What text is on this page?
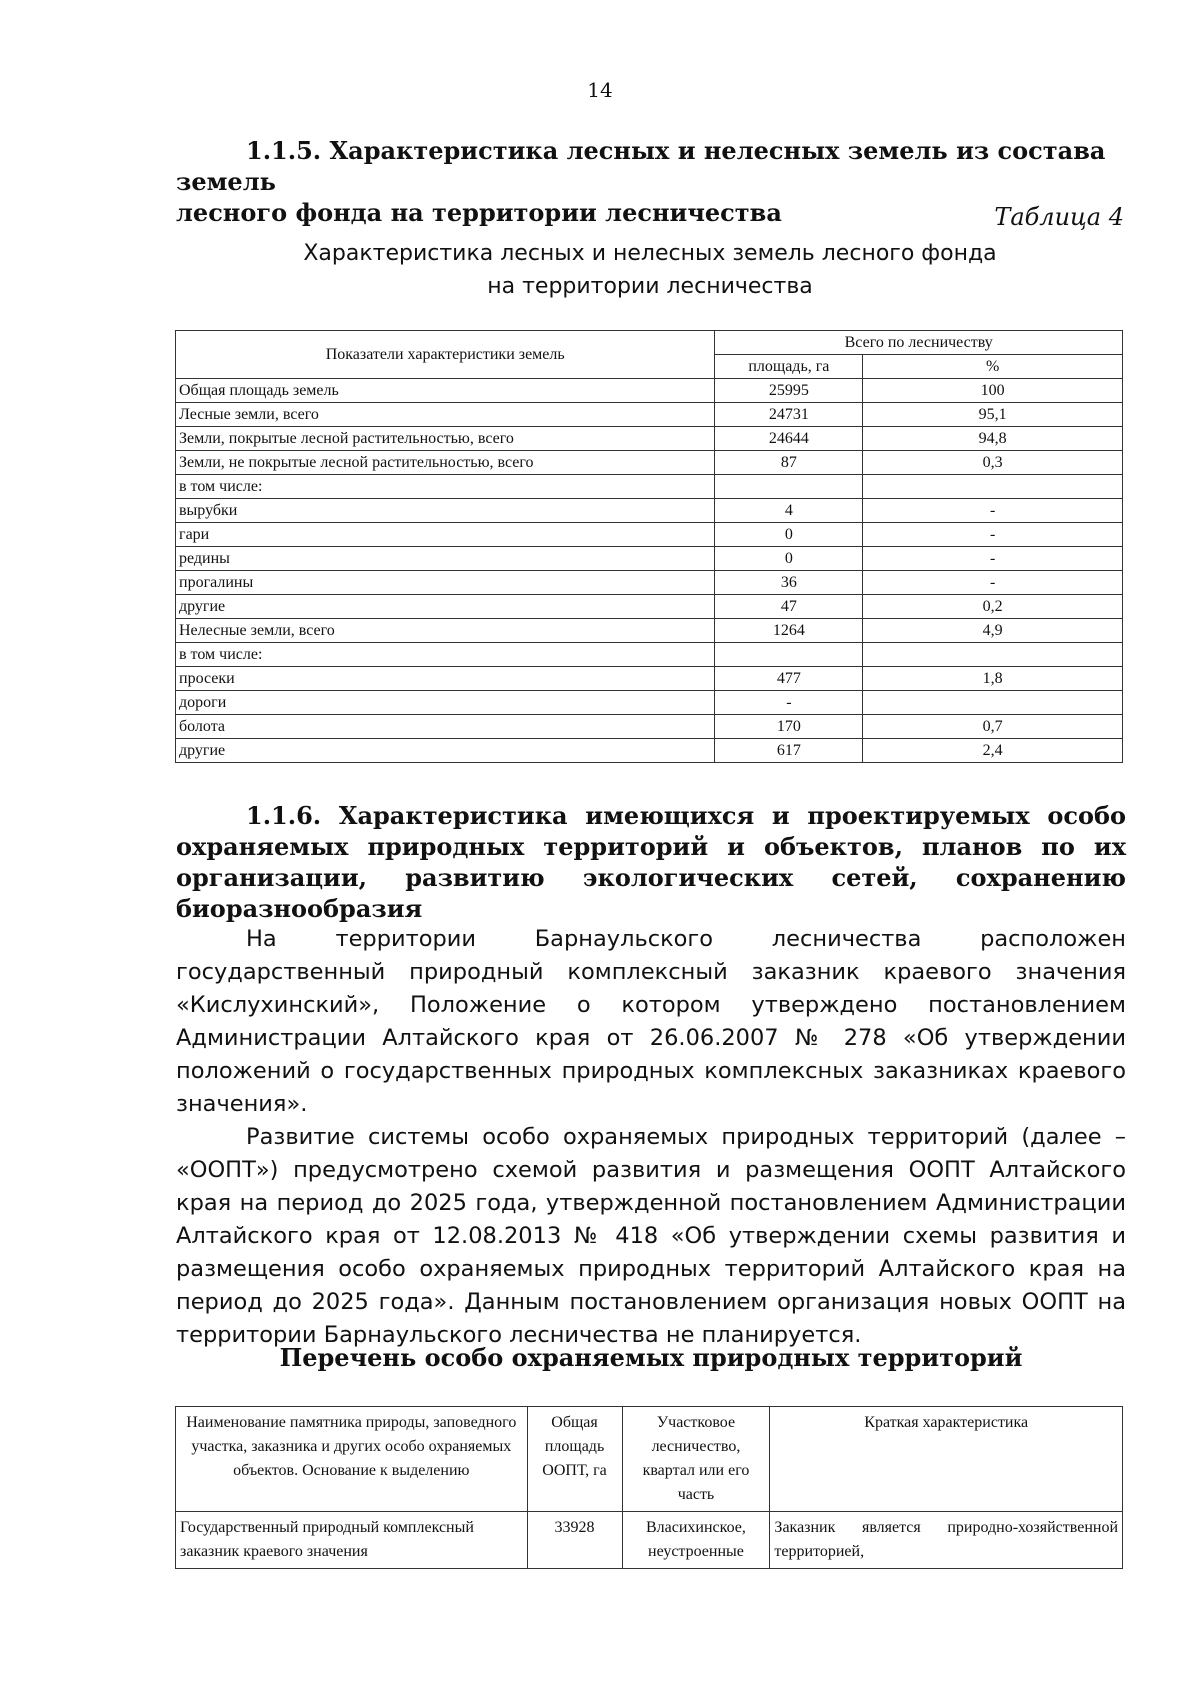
14
1.1.5. Характеристика лесных и нелесных земель из состава земель
лесного фонда на территории лесничества	Таблица 4
Характеристика лесных и нелесных земель лесного фонда
на территории лесничества
Показатели характеристики земель	Всего по лесничеству	
	площадь, га	%
Общая площадь земель	25995	100
Лесные земли, всего	24731	95,1
Земли, покрытые лесной растительностью, всего	24644	94,8
Земли, не покрытые лесной растительностью, всего	87	0,3
в том числе:		
вырубки	4	-
гари	0	-
редины	0	-
прогалины	36	-
другие	47	0,2
Нелесные земли, всего	1264	4,9
в том числе:		
просеки	477	1,8
дороги	-	
болота	170	0,7
другие	617	2,4
1.1.6. Характеристика имеющихся и проектируемых особо
охраняемых природных территорий и объектов, планов по их
организации, развитию экологических сетей, сохранению биоразнообразия

На территории Барнаульского лесничества расположен государственный природный комплексный заказник краевого значения «Кислухинский», Положение о котором утверждено постановлением Администрации Алтайского края от 26.06.2007 № 278 «Об утверждении положений о государственных природных комплексных заказниках краевого значения».

Развитие системы особо охраняемых природных территорий (далее – «ООПТ») предусмотрено схемой развития и размещения ООПТ Алтайского края на период до 2025 года, утвержденной постановлением Администрации Алтайского края от 12.08.2013 № 418 «Об утверждении схемы развития и размещения особо охраняемых природных территорий Алтайского края на период до 2025 года». Данным постановлением организация новых ООПТ на территории Барнаульского лесничества не планируется.

Перечень особо охраняемых природных территорий
Наименование памятника природы, заповедного участка, заказника и других особо охраняемых объектов. Основание к выделению	Общая площадь ООПТ, га	Участковое лесничество, квартал или его часть	Краткая характеристика
Государственный природный комплексный заказник краевого значения	33928	Власихинское, неустроенные	Заказник является природно-хозяйственной территорией,
